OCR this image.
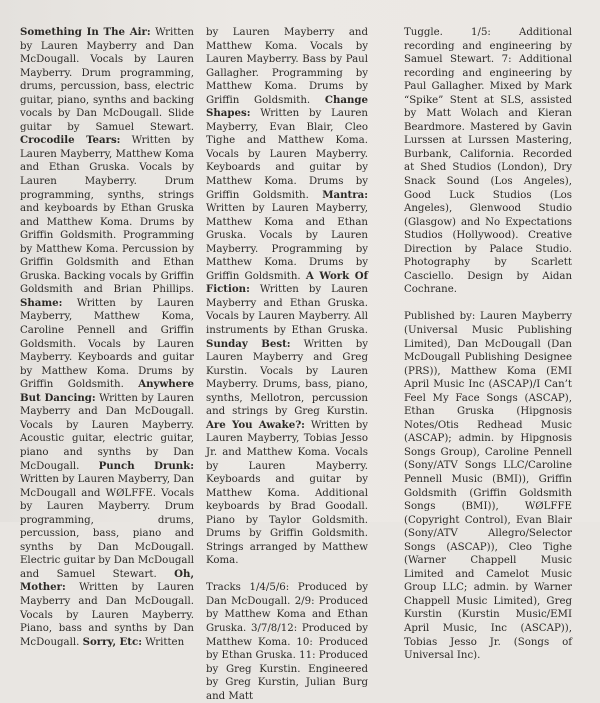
Something In The Air: Written by Lauren Mayberry and Dan McDougall. Vocals by Lauren Mayberry. Drum programming, drums, percussion, bass, electric guitar, piano, synths and backing vocals by Dan McDougall. Slide guitar by Samuel Stewart. Crocodile Tears: Written by Lauren Mayberry, Matthew Koma and Ethan Gruska. Vocals by Lauren Mayberry. Drum programming, synths, strings and keyboards by Ethan Gruska and Matthew Koma. Drums by Griffin Goldsmith. Programming by Matthew Koma. Percussion by Griffin Goldsmith and Ethan Gruska. Backing vocals by Griffin Goldsmith and Brian Phillips. Shame: Written by Lauren Mayberry, Matthew Koma, Caroline Pennell and Griffin Goldsmith. Vocals by Lauren Mayberry. Keyboards and guitar by Matthew Koma. Drums by Griffin Goldsmith. Anywhere But Dancing: Written by Lauren Mayberry and Dan McDougall. Vocals by Lauren Mayberry. Acoustic guitar, electric guitar, piano and synths by Dan McDougall. Punch Drunk: Written by Lauren Mayberry, Dan McDougall and WØLFFE. Vocals by Lauren Mayberry. Drum programming, drums, percussion, bass, piano and synths by Dan McDougall. Electric guitar by Dan McDougall and Samuel Stewart. Oh, Mother: Written by Lauren Mayberry and Dan McDougall. Vocals by Lauren Mayberry. Piano, bass and synths by Dan McDougall. Sorry, Etc: Written

by Lauren Mayberry and Matthew Koma. Vocals by Lauren Mayberry. Bass by Paul Gallagher. Programming by Matthew Koma. Drums by Griffin Goldsmith. Change Shapes: Written by Lauren Mayberry, Evan Blair, Cleo Tighe and Matthew Koma. Vocals by Lauren Mayberry. Keyboards and guitar by Matthew Koma. Drums by Griffin Goldsmith. Mantra: Written by Lauren Mayberry, Matthew Koma and Ethan Gruska. Vocals by Lauren Mayberry. Programming by Matthew Koma. Drums by Griffin Goldsmith. A Work Of Fiction: Written by Lauren Mayberry and Ethan Gruska. Vocals by Lauren Mayberry. All instruments by Ethan Gruska. Sunday Best: Written by Lauren Mayberry and Greg Kurstin. Vocals by Lauren Mayberry. Drums, bass, piano, synths, Mellotron, percussion and strings by Greg Kurstin. Are You Awake?: Written by Lauren Mayberry, Tobias Jesso Jr. and Matthew Koma. Vocals by Lauren Mayberry. Keyboards and guitar by Matthew Koma. Additional keyboards by Brad Goodall. Piano by Taylor Goldsmith. Drums by Griffin Goldsmith. Strings arranged by Matthew Koma.

Tracks 1/4/5/6: Produced by Dan McDougall. 2/9: Produced by Matthew Koma and Ethan Gruska. 3/7/8/12: Produced by Matthew Koma. 10: Produced by Ethan Gruska. 11: Produced by Greg Kurstin. Engineered by Greg Kurstin, Julian Burg and Matt

Tuggle. 1/5: Additional recording and engineering by Samuel Stewart. 7: Additional recording and engineering by Paul Gallagher. Mixed by Mark “Spike” Stent at SLS, assisted by Matt Wolach and Kieran Beardmore. Mastered by Gavin Lurssen at Lurssen Mastering, Burbank, California. Recorded at Shed Studios (London), Dry Snack Sound (Los Angeles), Good Luck Studios (Los Angeles), Glenwood Studio (Glasgow) and No Expectations Studios (Hollywood). Creative Direction by Palace Studio. Photography by Scarlett Casciello. Design by Aidan Cochrane.

Published by: Lauren Mayberry (Universal Music Publishing Limited), Dan McDougall (Dan McDougall Publishing Designee (PRS)), Matthew Koma (EMI April Music Inc (ASCAP)/I Can’t Feel My Face Songs (ASCAP), Ethan Gruska (Hipgnosis Notes/Otis Redhead Music (ASCAP); admin. by Hipgnosis Songs Group), Caroline Pennell (Sony/ATV Songs LLC/Caroline Pennell Music (BMI)), Griffin Goldsmith (Griffin Goldsmith Songs (BMI)), WØLFFE (Copyright Control), Evan Blair (Sony/ATV Allegro/Selector Songs (ASCAP)), Cleo Tighe (Warner Chappell Music Limited and Camelot Music Group LLC; admin. by Warner Chappell Music Limited), Greg Kurstin (Kurstin Music/EMI April Music, Inc (ASCAP)), Tobias Jesso Jr. (Songs of Universal Inc).
